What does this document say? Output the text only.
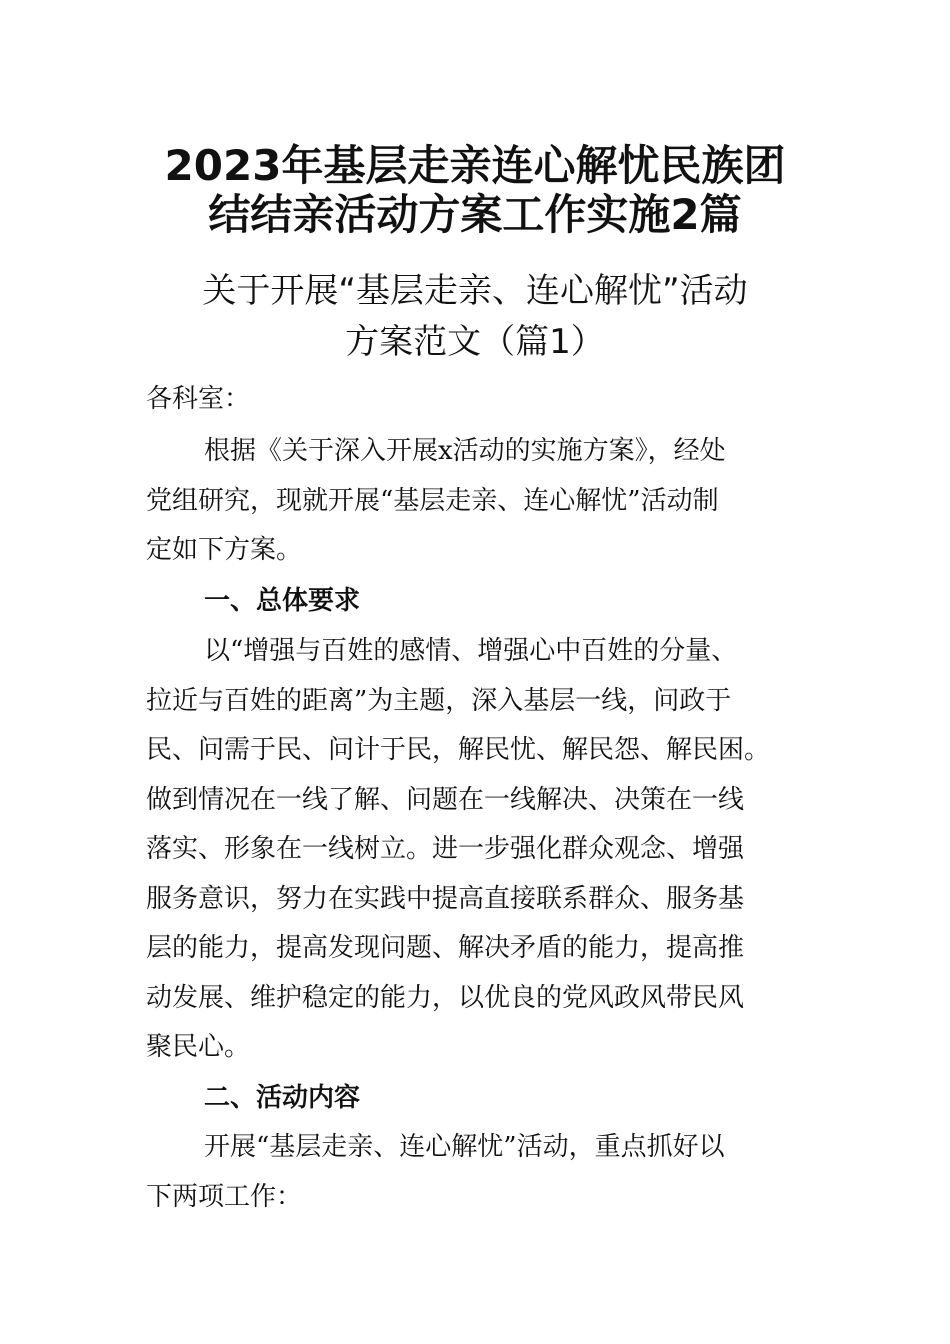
2023年基层走亲连心解忧民族团
结结亲活动方案工作实施2篇
关于开展“基层走亲、连心解忧”活动
方案范文（篇1）

各科室：

根据《关于深入开展x活动的实施方案》，经处

党组研究，现就开展“基层走亲、连心解忧”活动制

定如下方案。

一、总体要求

以“增强与百姓的感情、增强心中百姓的分量、

拉近与百姓的距离”为主题，深入基层一线，问政于

民、问需于民、问计于民，解民忧、解民怨、解民困。

做到情况在一线了解、问题在一线解决、决策在一线

落实、形象在一线树立。进一步强化群众观念、增强

服务意识，努力在实践中提高直接联系群众、服务基

层的能力，提高发现问题、解决矛盾的能力，提高推

动发展、维护稳定的能力，以优良的党风政风带民风

聚民心。

二、活动内容

开展“基层走亲、连心解忧”活动，重点抓好以

下两项工作：
